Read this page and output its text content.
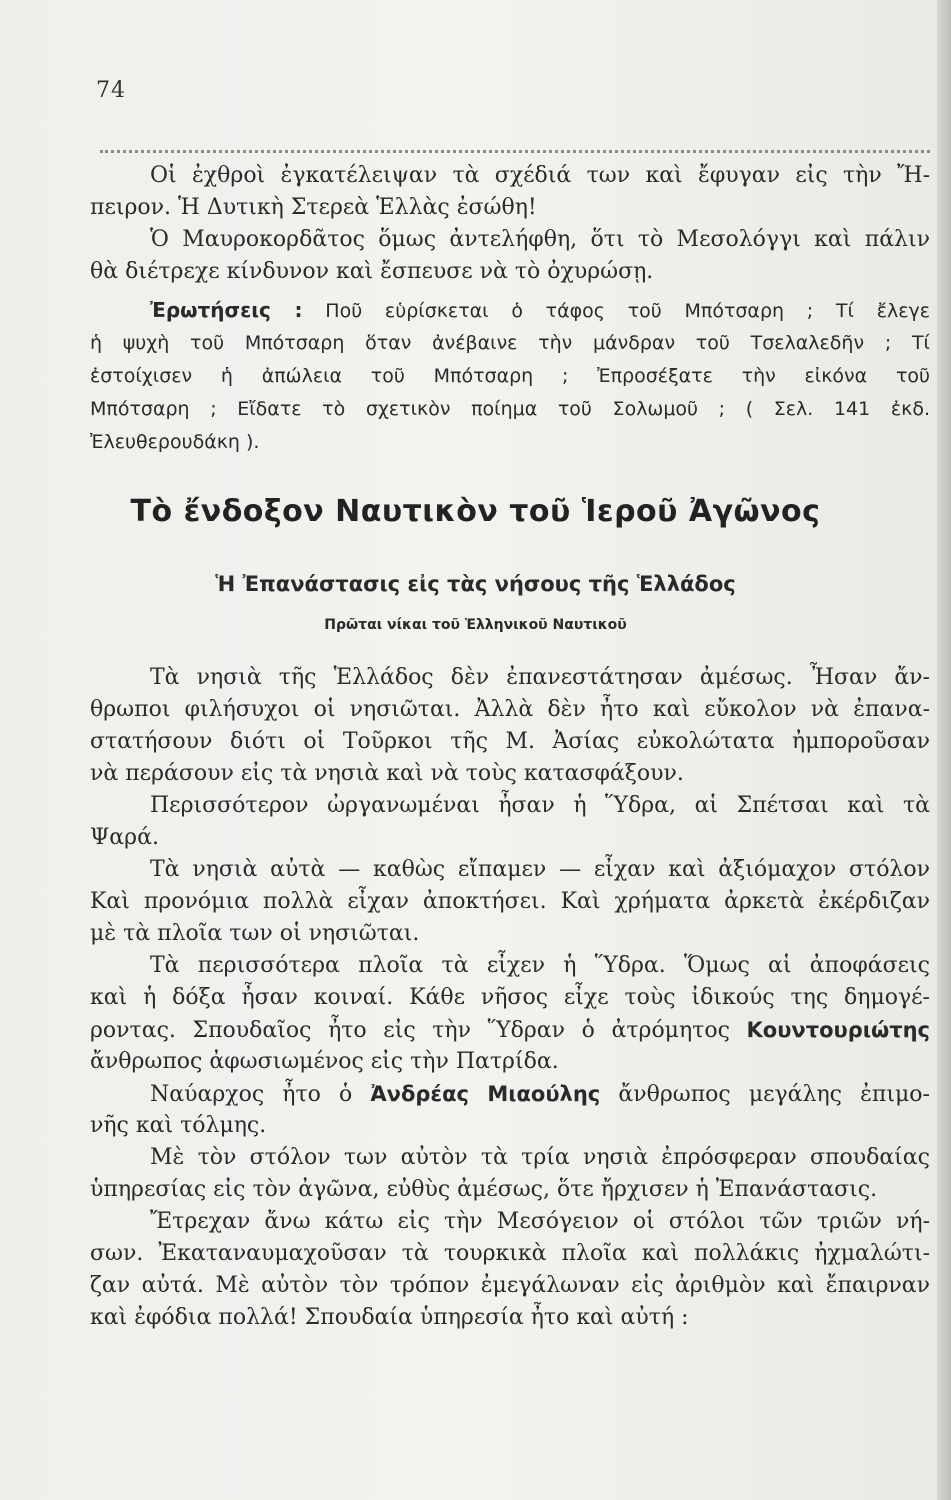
74
Οἱ ἐχθροὶ ἐγκατέλειψαν τὰ σχέδιά των καὶ ἔφυγαν εἰς τὴν Ἤ-
πειρον. Ἡ Δυτικὴ Στερεὰ Ἑλλὰς ἐσώθη!
Ὁ Μαυροκορδᾶτος ὅμως ἀντελήφθη, ὅτι τὸ Μεσολόγγι καὶ πάλιν
θὰ διέτρεχε κίνδυνον καὶ ἔσπευσε νὰ τὸ ὀχυρώσῃ.
Ἐρωτήσεις : Ποῦ εὑρίσκεται ὁ τάφος τοῦ Μπότσαρη ; Τί ἔλεγε
ἡ ψυχὴ τοῦ Μπότσαρη ὅταν ἀνέβαινε τὴν μάνδραν τοῦ Τσελαλεδῆν ; Τί
ἐστοίχισεν ἡ ἀπώλεια τοῦ Μπότσαρη ; Ἐπροσέξατε τὴν εἰκόνα τοῦ
Μπότσαρη ; Εἴδατε τὸ σχετικὸν ποίημα τοῦ Σολωμοῦ ; ( Σελ. 141 ἐκδ.
Ἐλευθερουδάκη ).
Τὸ ἔνδοξον Ναυτικὸν τοῦ Ἱεροῦ Ἀγῶνος
Ἡ Ἐπανάστασις εἰς τὰς νήσους τῆς Ἑλλάδος
Πρῶται νίκαι τοῦ Ἑλληνικοῦ Ναυτικοῦ
Τὰ νησιὰ τῆς Ἑλλάδος δὲν ἐπανεστάτησαν ἀμέσως. Ἦσαν ἄν-
θρωποι φιλήσυχοι οἱ νησιῶται. Ἀλλὰ δὲν ἦτο καὶ εὔκολον νὰ ἐπανα-
στατήσουν διότι οἱ Τοῦρκοι τῆς Μ. Ἀσίας εὐκολώτατα ἠμποροῦσαν
νὰ περάσουν εἰς τὰ νησιὰ καὶ νὰ τοὺς κατασφάξουν.
Περισσότερον ὠργανωμέναι ἦσαν ἡ Ὕδρα, αἱ Σπέτσαι καὶ τὰ
Ψαρά.
Τὰ νησιὰ αὐτὰ — καθὼς εἴπαμεν — εἶχαν καὶ ἀξιόμαχον στόλον
Καὶ προνόμια πολλὰ εἶχαν ἀποκτήσει. Καὶ χρήματα ἀρκετὰ ἐκέρδιζαν
μὲ τὰ πλοῖα των οἱ νησιῶται.
Τὰ περισσότερα πλοῖα τὰ εἶχεν ἡ Ὕδρα. Ὅμως αἱ ἀποφάσεις
καὶ ἡ δόξα ἦσαν κοιναί. Κάθε νῆσος εἶχε τοὺς ἰδικούς της δημογέ-
ροντας. Σπουδαῖος ἦτο εἰς τὴν Ὕδραν ὁ ἀτρόμητος Κουντουριώτης
ἄνθρωπος ἀφωσιωμένος εἰς τὴν Πατρίδα.
Ναύαρχος ἦτο ὁ Ἀνδρέας Μιαούλης ἄνθρωπος μεγάλης ἐπιμο-
νῆς καὶ τόλμης.
Μὲ τὸν στόλον των αὐτὸν τὰ τρία νησιὰ ἐπρόσφεραν σπουδαίας
ὑπηρεσίας εἰς τὸν ἀγῶνα, εὐθὺς ἀμέσως, ὅτε ἤρχισεν ἡ Ἐπανάστασις.
Ἔτρεχαν ἄνω κάτω εἰς τὴν Μεσόγειον οἱ στόλοι τῶν τριῶν νή-
σων. Ἐκαταναυμαχοῦσαν τὰ τουρκικὰ πλοῖα καὶ πολλάκις ἠχμαλώτι-
ζαν αὐτά. Μὲ αὐτὸν τὸν τρόπον ἐμεγάλωναν εἰς ἀριθμὸν καὶ ἔπαιρναν
καὶ ἐφόδια πολλά! Σπουδαία ὑπηρεσία ἦτο καὶ αὐτή :
